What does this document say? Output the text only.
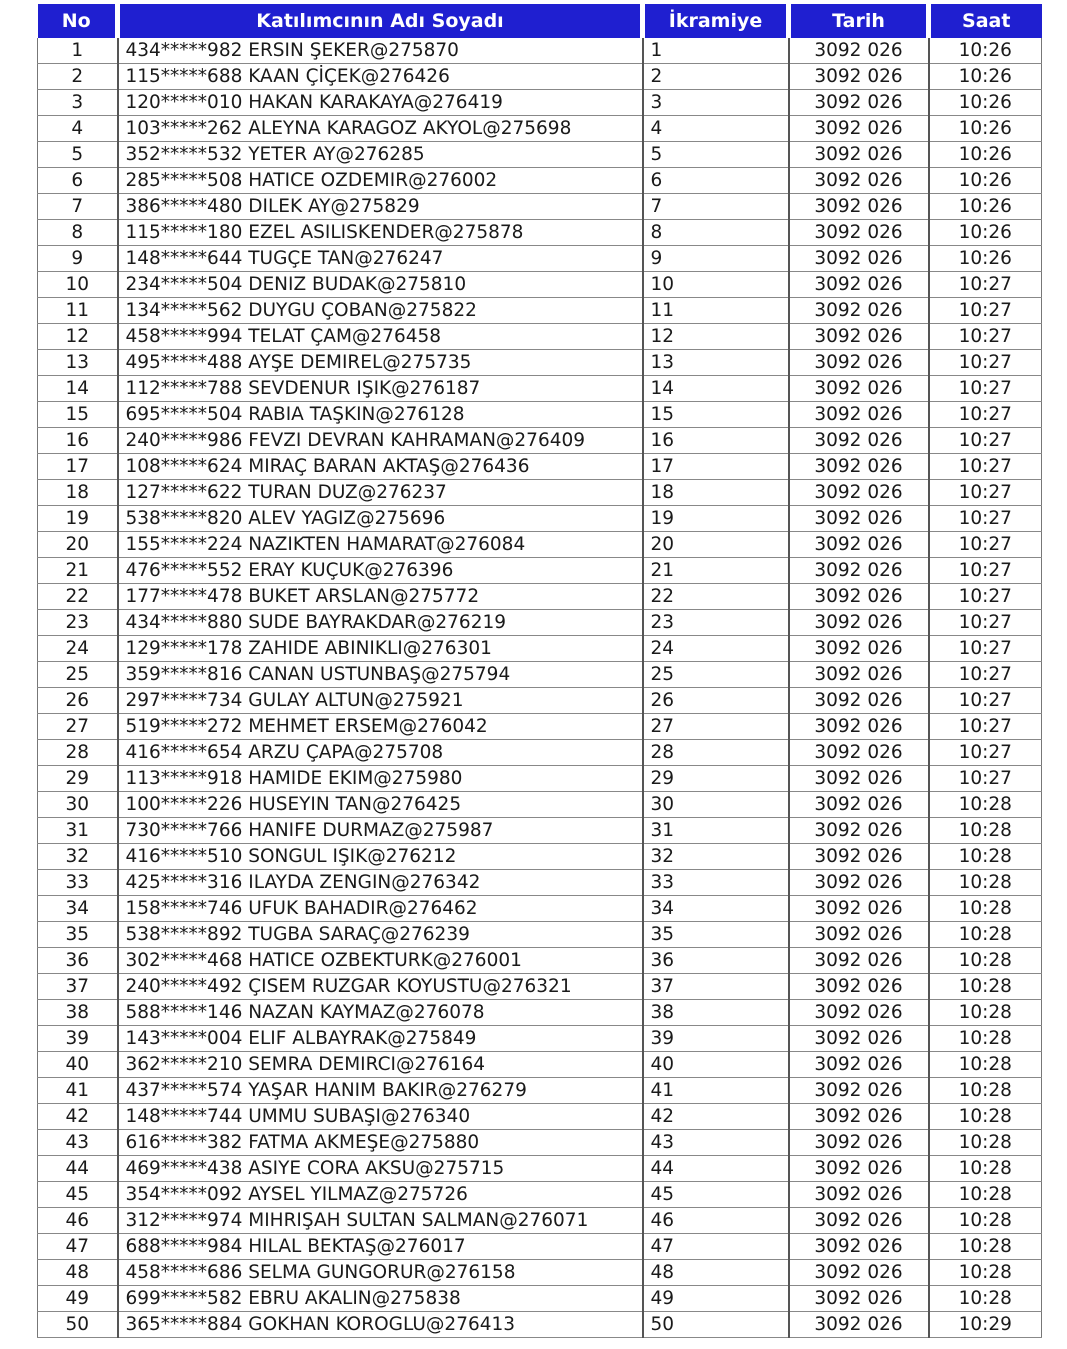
No	Katılımcının Adı Soyadı	İkramiye	Tarih	Saat
1	434*****982 ERSIN ŞEKER@275870	1	3092 026	10:26
2	115*****688 KAAN ÇİÇEK@276426	2	3092 026	10:26
3	120*****010 HAKAN KARAKAYA@276419	3	3092 026	10:26
4	103*****262 ALEYNA KARAGOZ AKYOL@275698	4	3092 026	10:26
5	352*****532 YETER AY@276285	5	3092 026	10:26
6	285*****508 HATICE OZDEMIR@276002	6	3092 026	10:26
7	386*****480 DILEK AY@275829	7	3092 026	10:26
8	115*****180 EZEL ASILISKENDER@275878	8	3092 026	10:26
9	148*****644 TUGÇE TAN@276247	9	3092 026	10:26
10	234*****504 DENIZ BUDAK@275810	10	3092 026	10:27
11	134*****562 DUYGU ÇOBAN@275822	11	3092 026	10:27
12	458*****994 TELAT ÇAM@276458	12	3092 026	10:27
13	495*****488 AYŞE DEMIREL@275735	13	3092 026	10:27
14	112*****788 SEVDENUR IŞIK@276187	14	3092 026	10:27
15	695*****504 RABIA TAŞKIN@276128	15	3092 026	10:27
16	240*****986 FEVZI DEVRAN KAHRAMAN@276409	16	3092 026	10:27
17	108*****624 MIRAÇ BARAN AKTAŞ@276436	17	3092 026	10:27
18	127*****622 TURAN DUZ@276237	18	3092 026	10:27
19	538*****820 ALEV YAGIZ@275696	19	3092 026	10:27
20	155*****224 NAZIKTEN HAMARAT@276084	20	3092 026	10:27
21	476*****552 ERAY KUÇUK@276396	21	3092 026	10:27
22	177*****478 BUKET ARSLAN@275772	22	3092 026	10:27
23	434*****880 SUDE BAYRAKDAR@276219	23	3092 026	10:27
24	129*****178 ZAHIDE ABINIKLI@276301	24	3092 026	10:27
25	359*****816 CANAN USTUNBAŞ@275794	25	3092 026	10:27
26	297*****734 GULAY ALTUN@275921	26	3092 026	10:27
27	519*****272 MEHMET ERSEM@276042	27	3092 026	10:27
28	416*****654 ARZU ÇAPA@275708	28	3092 026	10:27
29	113*****918 HAMIDE EKIM@275980	29	3092 026	10:27
30	100*****226 HUSEYIN TAN@276425	30	3092 026	10:28
31	730*****766 HANIFE DURMAZ@275987	31	3092 026	10:28
32	416*****510 SONGUL IŞIK@276212	32	3092 026	10:28
33	425*****316 ILAYDA ZENGIN@276342	33	3092 026	10:28
34	158*****746 UFUK BAHADIR@276462	34	3092 026	10:28
35	538*****892 TUGBA SARAÇ@276239	35	3092 026	10:28
36	302*****468 HATICE OZBEKTURK@276001	36	3092 026	10:28
37	240*****492 ÇISEM RUZGAR KOYUSTU@276321	37	3092 026	10:28
38	588*****146 NAZAN KAYMAZ@276078	38	3092 026	10:28
39	143*****004 ELIF ALBAYRAK@275849	39	3092 026	10:28
40	362*****210 SEMRA DEMIRCI@276164	40	3092 026	10:28
41	437*****574 YAŞAR HANIM BAKIR@276279	41	3092 026	10:28
42	148*****744 UMMU SUBAŞI@276340	42	3092 026	10:28
43	616*****382 FATMA AKMEŞE@275880	43	3092 026	10:28
44	469*****438 ASIYE CORA AKSU@275715	44	3092 026	10:28
45	354*****092 AYSEL YILMAZ@275726	45	3092 026	10:28
46	312*****974 MIHRIŞAH SULTAN SALMAN@276071	46	3092 026	10:28
47	688*****984 HILAL BEKTAŞ@276017	47	3092 026	10:28
48	458*****686 SELMA GUNGORUR@276158	48	3092 026	10:28
49	699*****582 EBRU AKALIN@275838	49	3092 026	10:28
50	365*****884 GOKHAN KOROGLU@276413	50	3092 026	10:29
